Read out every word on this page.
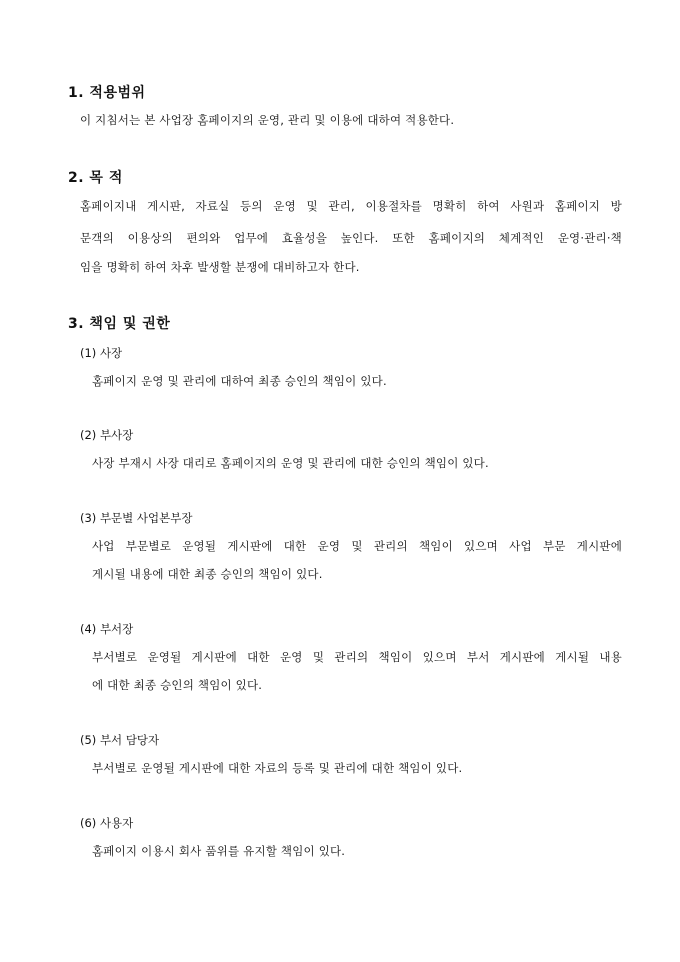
1. 적용범위
이 지침서는 본 사업장 홈페이지의 운영, 관리 및 이용에 대하여 적용한다.
2. 목 적
홈페이지내 게시판, 자료실 등의 운영 및 관리, 이용절차를 명확히 하여 사원과 홈페이지 방
문객의 이용상의 편의와 업무에 효율성을 높인다. 또한 홈페이지의 체계적인 운영·관리·책
임을 명확히 하여 차후 발생할 분쟁에 대비하고자 한다.
3. 책임 및 권한
(1) 사장
홈페이지 운영 및 관리에 대하여 최종 승인의 책임이 있다.
(2) 부사장
사장 부재시 사장 대리로 홈페이지의 운영 및 관리에 대한 승인의 책임이 있다.
(3) 부문별 사업본부장
사업 부문별로 운영될 게시판에 대한 운영 및 관리의 책임이 있으며 사업 부문 게시판에
게시될 내용에 대한 최종 승인의 책임이 있다.
(4) 부서장
부서별로 운영될 게시판에 대한 운영 및 관리의 책임이 있으며 부서 게시판에 게시될 내용
에 대한 최종 승인의 책임이 있다.
(5) 부서 담당자
부서별로 운영될 게시판에 대한 자료의 등록 및 관리에 대한 책임이 있다.
(6) 사용자
홈페이지 이용시 회사 품위를 유지할 책임이 있다.
